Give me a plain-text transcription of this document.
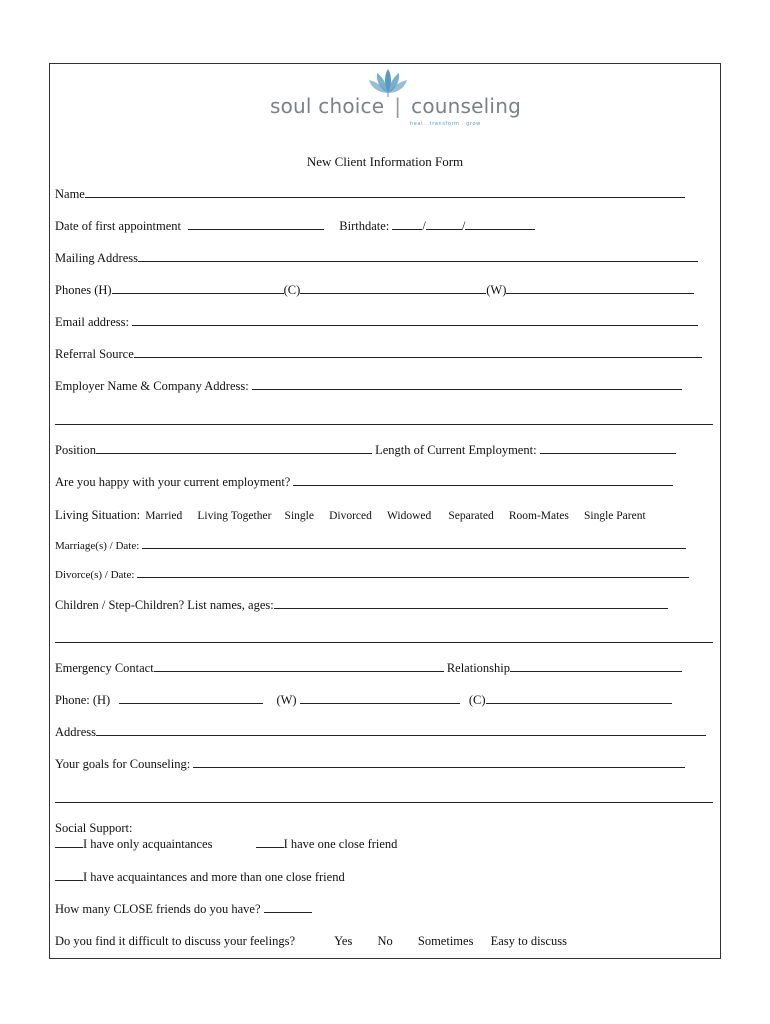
soul choice | counseling
heal . transform . grow
New Client Information Form
Name
Date of first appointment	Birthdate:	/	/
Mailing Address
Phones (H)	(C)	(W)
Email address:
Referral Source
Employer Name & Company Address:
Position	Length of Current Employment:
Are you happy with your current employment?
Living Situation: Married Living Together Single Divorced Widowed Separated Room-Mates Single Parent
Marriage(s) / Date:
Divorce(s) / Date:
Children / Step-Children? List names, ages:
Emergency Contact	Relationship
Phone: (H)	(W)	(C)
Address
Your goals for Counseling:
Social Support:
I have only acquaintances	I have one close friend
I have acquaintances and more than one close friend
How many CLOSE friends do you have?
Do you find it difficult to discuss your feelings?	Yes No Sometimes Easy to discuss
